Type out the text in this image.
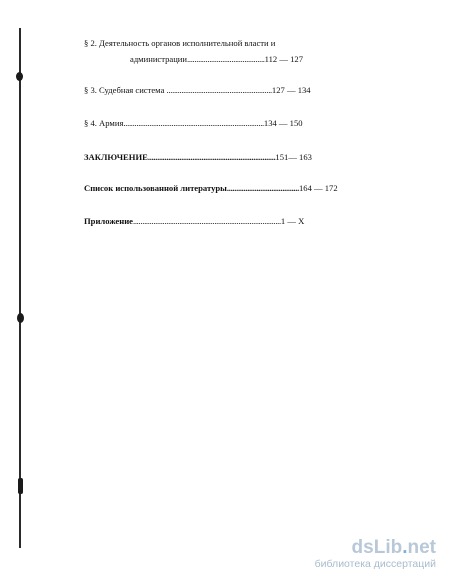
§ 2. Деятельность органов исполнительной власти и
администрации..........................................112 — 127
§ 3. Судебная система .........................................................127 — 134
§ 4. Армия............................................................................134 — 150
ЗАКЛЮЧЕНИЕ.....................................................................151— 163
Список использованной литературы.......................................164 — 172
Приложение................................................................................1 — X
dsLib.net
библиотека диссертаций
